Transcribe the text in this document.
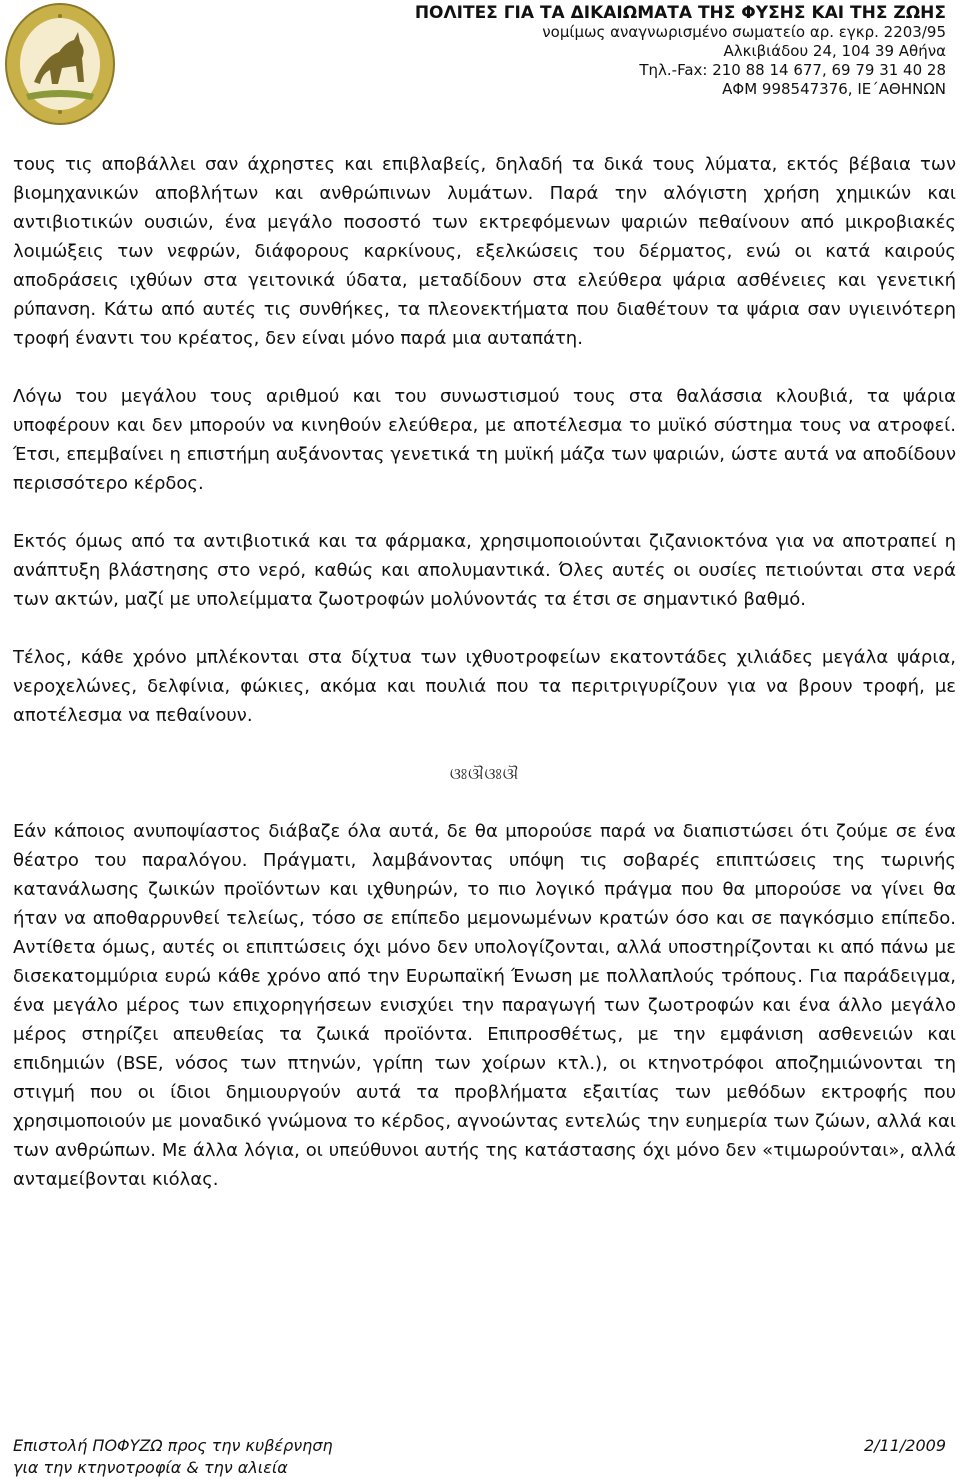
ΠΟΛΙΤΕΣ ΓΙΑ ΤΑ ΔΙΚΑΙΩΜΑΤΑ ΤΗΣ ΦΥΣΗΣ ΚΑΙ ΤΗΣ ΖΩΗΣ
νομίμως αναγνωρισμένο σωματείο αρ. εγκρ. 2203/95
Αλκιβιάδου 24, 104 39 Αθήνα
Τηλ.-Fax: 210 88 14 677, 69 79 31 40 28
ΑΦΜ 998547376, ΙΕ΄ΑΘΗΝΩΝ

τους τις αποβάλλει σαν άχρηστες και επιβλαβείς, δηλαδή τα δικά τους λύματα, εκτός βέβαια των βιομηχανικών αποβλήτων και ανθρώπινων λυμάτων. Παρά την αλόγιστη χρήση χημικών και αντιβιοτικών ουσιών, ένα μεγάλο ποσοστό των εκτρεφόμενων ψαριών πεθαίνουν από μικροβιακές λοιμώξεις των νεφρών, διάφορους καρκίνους, εξελκώσεις του δέρματος, ενώ οι κατά καιρούς αποδράσεις ιχθύων στα γειτονικά ύδατα, μεταδίδουν στα ελεύθερα ψάρια ασθένειες και γενετική ρύπανση. Κάτω από αυτές τις συνθήκες, τα πλεονεκτήματα που διαθέτουν τα ψάρια σαν υγιεινότερη τροφή έναντι του κρέατος, δεν είναι μόνο παρά μια αυταπάτη.

Λόγω του μεγάλου τους αριθμού και του συνωστισμού τους στα θαλάσσια κλουβιά, τα ψάρια υποφέρουν και δεν μπορούν να κινηθούν ελεύθερα, με αποτέλεσμα το μυϊκό σύστημα τους να ατροφεί. Έτσι, επεμβαίνει η επιστήμη αυξάνοντας γενετικά τη μυϊκή μάζα των ψαριών, ώστε αυτά να αποδίδουν περισσότερο κέρδος.

Εκτός όμως από τα αντιβιοτικά και τα φάρμακα, χρησιμοποιούνται ζιζανιοκτόνα για να αποτραπεί η ανάπτυξη βλάστησης στο νερό, καθώς και απολυμαντικά. Όλες αυτές οι ουσίες πετιούνται στα νερά των ακτών, μαζί με υπολείμματα ζωοτροφών μολύνοντάς τα έτσι σε σημαντικό βαθμό.

Τέλος, κάθε χρόνο μπλέκονται στα δίχτυα των ιχθυοτροφείων εκατοντάδες χιλιάδες μεγάλα ψάρια, νεροχελώνες, δελφίνια, φώκιες, ακόμα και πουλιά που τα περιτριγυρίζουν για να βρουν τροφή, με αποτέλεσμα να πεθαίνουν.

ଓଃଔଓଃଔ

Εάν κάποιος ανυποψίαστος διάβαζε όλα αυτά, δε θα μπορούσε παρά να διαπιστώσει ότι ζούμε σε ένα θέατρο του παραλόγου. Πράγματι, λαμβάνοντας υπόψη τις σοβαρές επιπτώσεις της τωρινής κατανάλωσης ζωικών προϊόντων και ιχθυηρών, το πιο λογικό πράγμα που θα μπορούσε να γίνει θα ήταν να αποθαρρυνθεί τελείως, τόσο σε επίπεδο μεμονωμένων κρατών όσο και σε παγκόσμιο επίπεδο. Αντίθετα όμως, αυτές οι επιπτώσεις όχι μόνο δεν υπολογίζονται, αλλά υποστηρίζονται κι από πάνω με δισεκατομμύρια ευρώ κάθε χρόνο από την Ευρωπαϊκή Ένωση με πολλαπλούς τρόπους. Για παράδειγμα, ένα μεγάλο μέρος των επιχορηγήσεων ενισχύει την παραγωγή των ζωοτροφών και ένα άλλο μεγάλο μέρος στηρίζει απευθείας τα ζωικά προϊόντα. Επιπροσθέτως, με την εμφάνιση ασθενειών και επιδημιών (BSE, νόσος των πτηνών, γρίπη των χοίρων κτλ.), οι κτηνοτρόφοι αποζημιώνονται τη στιγμή που οι ίδιοι δημιουργούν αυτά τα προβλήματα εξαιτίας των μεθόδων εκτροφής που χρησιμοποιούν με μοναδικό γνώμονα το κέρδος, αγνοώντας εντελώς την ευημερία των ζώων, αλλά και των ανθρώπων. Με άλλα λόγια, οι υπεύθυνοι αυτής της κατάστασης όχι μόνο δεν «τιμωρούνται», αλλά ανταμείβονται κιόλας.

Επιστολή ΠΟΦΥΖΩ προς την κυβέρνηση	2/11/2009
για την κτηνοτροφία & την αλιεία
